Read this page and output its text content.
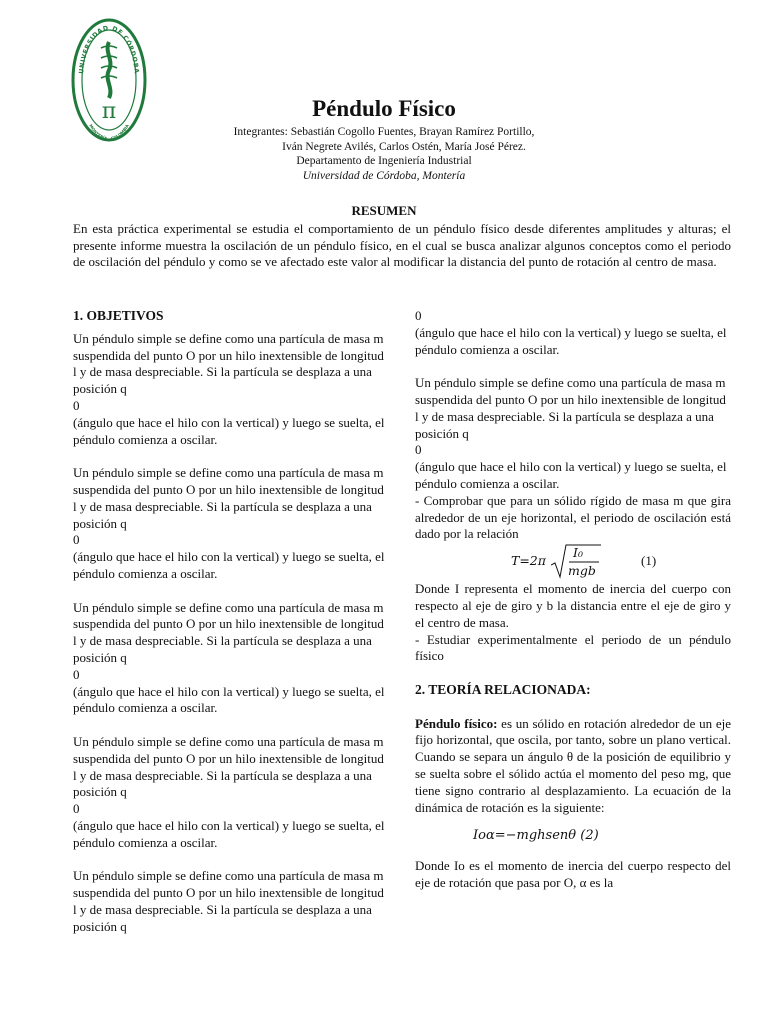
UNIVERSIDAD DE CÓRDOBA
MONTERÍA - COLOMBIA
π	Péndulo Físico
Integrantes: Sebastián Cogollo Fuentes, Brayan Ramírez Portillo,
Iván Negrete Avilés, Carlos Ostén, María José Pérez.
Departamento de Ingeniería Industrial
Universidad de Córdoba, Montería
RESUMEN
En esta práctica experimental se estudia el comportamiento de un péndulo físico desde diferentes amplitudes y alturas; el presente informe muestra la oscilación de un péndulo físico, en el cual se busca analizar algunos conceptos como el periodo de oscilación del péndulo y como se ve afectado este valor al modificar la distancia del punto de rotación al centro de masa.

1. OBJETIVOS

Un péndulo simple se define como una partícula de masa m suspendida del punto O por un hilo inextensible de longitud l y de masa despreciable. Si la partícula se desplaza a una posición q

0

(ángulo que hace el hilo con la vertical) y luego se suelta, el péndulo comienza a oscilar.

Un péndulo simple se define como una partícula de masa m suspendida del punto O por un hilo inextensible de longitud l y de masa despreciable. Si la partícula se desplaza a una posición q

0

(ángulo que hace el hilo con la vertical) y luego se suelta, el péndulo comienza a oscilar.

Un péndulo simple se define como una partícula de masa m suspendida del punto O por un hilo inextensible de longitud l y de masa despreciable. Si la partícula se desplaza a una posición q

0

(ángulo que hace el hilo con la vertical) y luego se suelta, el péndulo comienza a oscilar.

Un péndulo simple se define como una partícula de masa m suspendida del punto O por un hilo inextensible de longitud l y de masa despreciable. Si la partícula se desplaza a una posición q

0

(ángulo que hace el hilo con la vertical) y luego se suelta, el péndulo comienza a oscilar.

Un péndulo simple se define como una partícula de masa m suspendida del punto O por un hilo inextensible de longitud l y de masa despreciable. Si la partícula se desplaza a una posición q

0

(ángulo que hace el hilo con la vertical) y luego se suelta, el péndulo comienza a oscilar.

Un péndulo simple se define como una partícula de masa m suspendida del punto O por un hilo inextensible de longitud l y de masa despreciable. Si la partícula se desplaza a una posición q

0

(ángulo que hace el hilo con la vertical) y luego se suelta, el péndulo comienza a oscilar.

- Comprobar que para un sólido rígido de masa m que gira alrededor de un eje horizontal, el periodo de oscilación está dado por la relación

T=2π
I₀
mgb
(1)

Donde I representa el momento de inercia del cuerpo con respecto al eje de giro y b la distancia entre el eje de giro y el centro de masa.

- Estudiar experimentalmente el periodo de un péndulo físico

2. TEORÍA RELACIONADA:

Péndulo físico: es un sólido en rotación alrededor de un eje fijo horizontal, que oscila, por tanto, sobre un plano vertical. Cuando se separa un ángulo θ de la posición de equilibrio y se suelta sobre el sólido actúa el momento del peso mg, que tiene signo contrario al desplazamiento. La ecuación de la dinámica de rotación es la siguiente:

Iοα=−mghsenθ (2)

Donde Io es el momento de inercia del cuerpo respecto del eje de rotación que pasa por O, α es la
